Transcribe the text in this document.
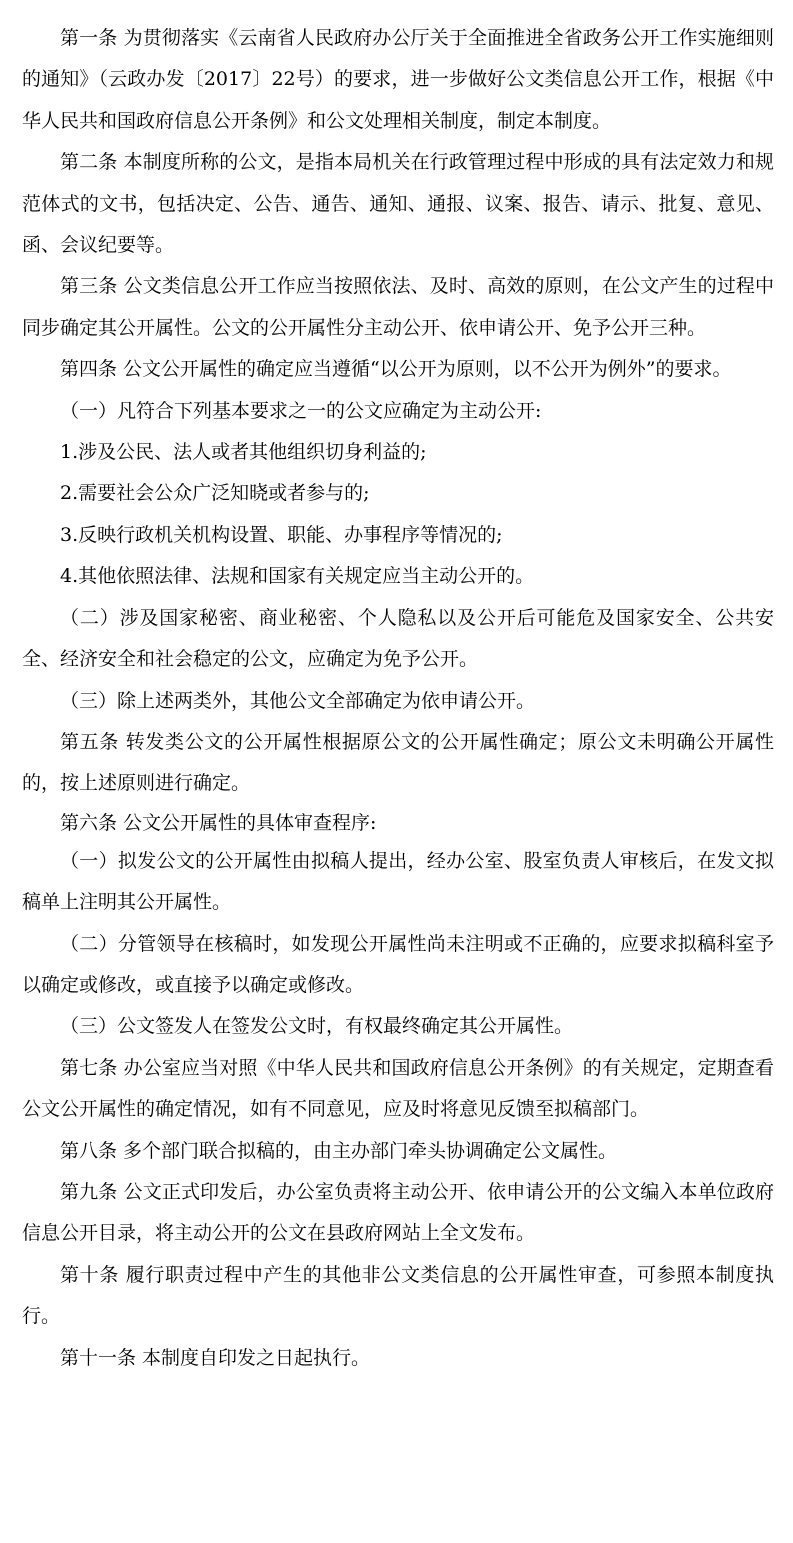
第一条 为贯彻落实《云南省人民政府办公厅关于全面推进全省政务公开工作实施细则的通知》（云政办发〔2017〕22号）的要求，进一步做好公文类信息公开工作，根据《中华人民共和国政府信息公开条例》和公文处理相关制度，制定本制度。

第二条 本制度所称的公文，是指本局机关在行政管理过程中形成的具有法定效力和规范体式的文书，包括决定、公告、通告、通知、通报、议案、报告、请示、批复、意见、函、会议纪要等。

第三条 公文类信息公开工作应当按照依法、及时、高效的原则，在公文产生的过程中同步确定其公开属性。公文的公开属性分主动公开、依申请公开、免予公开三种。

第四条 公文公开属性的确定应当遵循“以公开为原则，以不公开为例外”的要求。

（一）凡符合下列基本要求之一的公文应确定为主动公开:

1.涉及公民、法人或者其他组织切身利益的;

2.需要社会公众广泛知晓或者参与的;

3.反映行政机关机构设置、职能、办事程序等情况的;

4.其他依照法律、法规和国家有关规定应当主动公开的。

（二）涉及国家秘密、商业秘密、个人隐私以及公开后可能危及国家安全、公共安全、经济安全和社会稳定的公文，应确定为免予公开。

（三）除上述两类外，其他公文全部确定为依申请公开。

第五条 转发类公文的公开属性根据原公文的公开属性确定；原公文未明确公开属性的，按上述原则进行确定。

第六条 公文公开属性的具体审查程序:

（一）拟发公文的公开属性由拟稿人提出，经办公室、股室负责人审核后，在发文拟稿单上注明其公开属性。

（二）分管领导在核稿时，如发现公开属性尚未注明或不正确的，应要求拟稿科室予以确定或修改，或直接予以确定或修改。

（三）公文签发人在签发公文时，有权最终确定其公开属性。

第七条 办公室应当对照《中华人民共和国政府信息公开条例》的有关规定，定期查看公文公开属性的确定情况，如有不同意见，应及时将意见反馈至拟稿部门。

第八条 多个部门联合拟稿的，由主办部门牵头协调确定公文属性。

第九条 公文正式印发后，办公室负责将主动公开、依申请公开的公文编入本单位政府信息公开目录，将主动公开的公文在县政府网站上全文发布。

第十条 履行职责过程中产生的其他非公文类信息的公开属性审查，可参照本制度执行。

第十一条 本制度自印发之日起执行。
